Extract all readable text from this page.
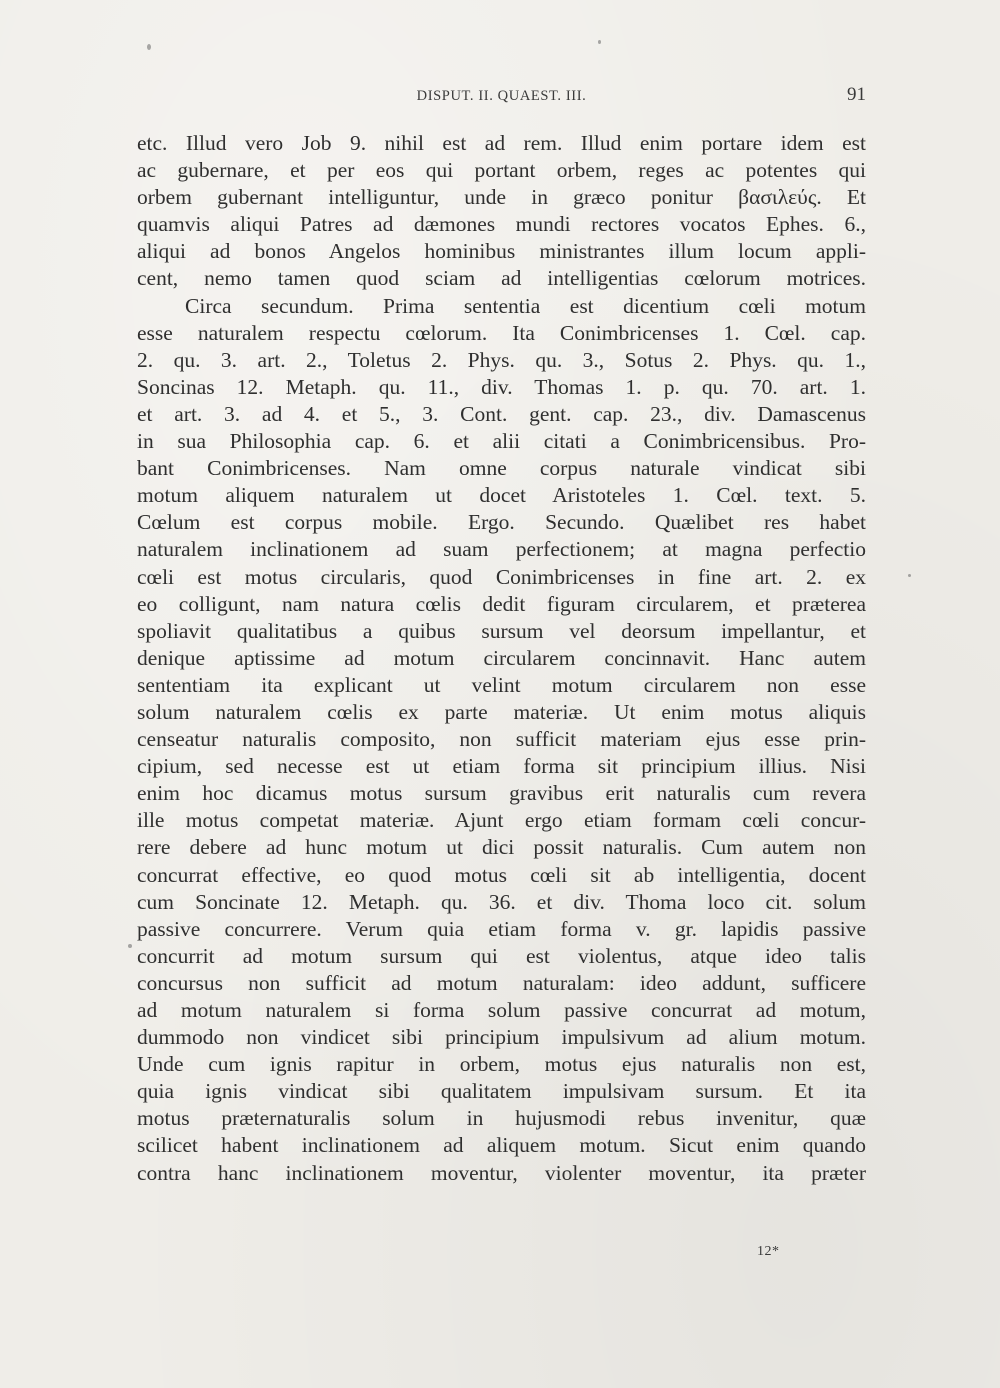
DISPUT. II. QUAEST. III.	91
etc. Illud vero Job 9. nihil est ad rem. Illud enim portare idem est
ac gubernare, et per eos qui portant orbem, reges ac potentes qui
orbem gubernant intelliguntur, unde in græco ponitur βασιλεύς. Et
quamvis aliqui Patres ad dæmones mundi rectores vocatos Ephes. 6.,
aliqui ad bonos Angelos hominibus ministrantes illum locum appli-
cent, nemo tamen quod sciam ad intelligentias cœlorum motrices.
Circa secundum. Prima sententia est dicentium cœli motum
esse naturalem respectu cœlorum. Ita Conimbricenses 1. Cœl. cap.
2. qu. 3. art. 2., Toletus 2. Phys. qu. 3., Sotus 2. Phys. qu. 1.,
Soncinas 12. Metaph. qu. 11., div. Thomas 1. p. qu. 70. art. 1.
et art. 3. ad 4. et 5., 3. Cont. gent. cap. 23., div. Damascenus
in sua Philosophia cap. 6. et alii citati a Conimbricensibus. Pro-
bant Conimbricenses. Nam omne corpus naturale vindicat sibi
motum aliquem naturalem ut docet Aristoteles 1. Cœl. text. 5.
Cœlum est corpus mobile. Ergo. Secundo. Quælibet res habet
naturalem inclinationem ad suam perfectionem; at magna perfectio
cœli est motus circularis, quod Conimbricenses in fine art. 2. ex
eo colligunt, nam natura cœlis dedit figuram circularem, et præterea
spoliavit qualitatibus a quibus sursum vel deorsum impellantur, et
denique aptissime ad motum circularem concinnavit. Hanc autem
sententiam ita explicant ut velint motum circularem non esse
solum naturalem cœlis ex parte materiæ. Ut enim motus aliquis
censeatur naturalis composito, non sufficit materiam ejus esse prin-
cipium, sed necesse est ut etiam forma sit principium illius. Nisi
enim hoc dicamus motus sursum gravibus erit naturalis cum revera
ille motus competat materiæ. Ajunt ergo etiam formam cœli concur-
rere debere ad hunc motum ut dici possit naturalis. Cum autem non
concurrat effective, eo quod motus cœli sit ab intelligentia, docent
cum Soncinate 12. Metaph. qu. 36. et div. Thoma loco cit. solum
passive concurrere. Verum quia etiam forma v. gr. lapidis passive
concurrit ad motum sursum qui est violentus, atque ideo talis
concursus non sufficit ad motum naturalam: ideo addunt, sufficere
ad motum naturalem si forma solum passive concurrat ad motum,
dummodo non vindicet sibi principium impulsivum ad alium motum.
Unde cum ignis rapitur in orbem, motus ejus naturalis non est,
quia ignis vindicat sibi qualitatem impulsivam sursum. Et ita
motus præternaturalis solum in hujusmodi rebus invenitur, quæ
scilicet habent inclinationem ad aliquem motum. Sicut enim quando
contra hanc inclinationem moventur, violenter moventur, ita præter
12*
